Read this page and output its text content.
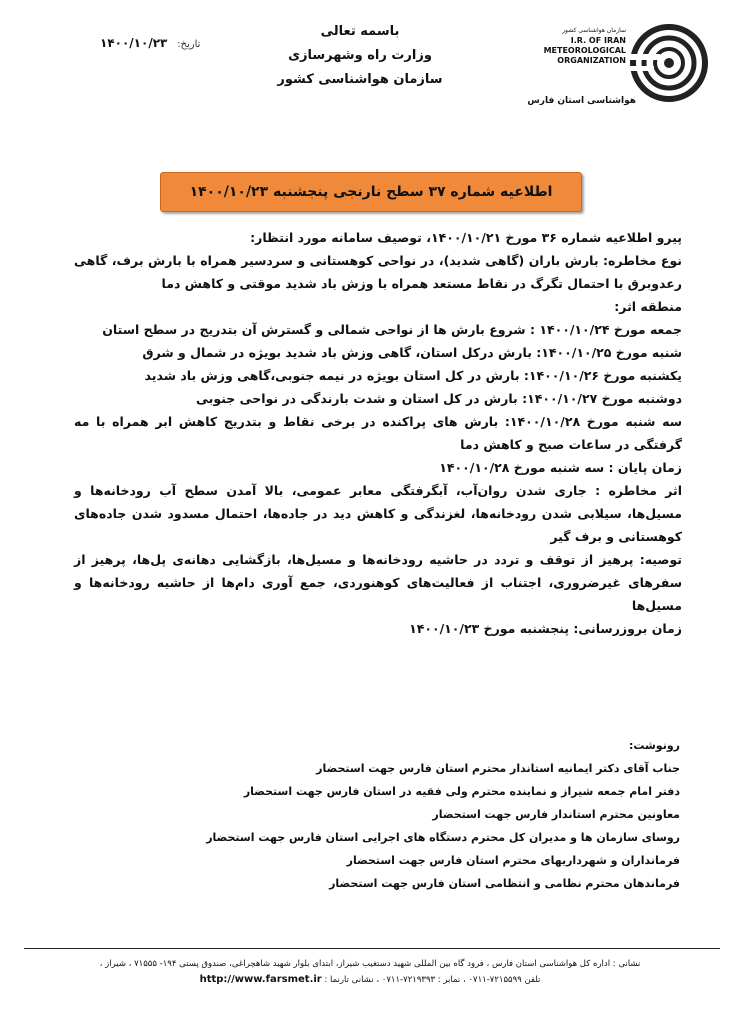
تاریخ: ۱۴۰۰/۱۰/۲۳
باسمه تعالی
وزارت راه وشهرسازی
سازمان هواشناسی کشور
سازمان هواشناسی کشور
I.R. OF IRAN
METEOROLOGICAL
ORGANIZATION
هواشناسی استان فارس
اطلاعیه شماره ۳۷ سطح نارنجی پنجشنبه ۱۴۰۰/۱۰/۲۳

پیرو اطلاعیه شماره ۳۶ مورخ ۱۴۰۰/۱۰/۲۱، توصیف سامانه مورد انتظار:

نوع مخاطره: بارش باران (گاهی شدید)، در نواحی کوهستانی و سردسیر همراه با بارش برف، گاهی رعدوبرق با احتمال تگرگ در نقاط مستعد همراه با وزش باد شدید موقتی و کاهش دما

منطقه اثر:

جمعه مورخ ۱۴۰۰/۱۰/۲۴ : شروع بارش ها از نواحی شمالی و گسترش آن بتدریج در سطح استان

شنبه مورخ ۱۴۰۰/۱۰/۲۵: بارش درکل استان، گاهی وزش باد شدید بویژه در شمال و شرق

یکشنبه مورخ ۱۴۰۰/۱۰/۲۶: بارش در کل استان بویژه در نیمه جنوبی،گاهی وزش باد شدید

دوشنبه مورخ ۱۴۰۰/۱۰/۲۷: بارش در کل استان و شدت بارندگی در نواحی جنوبی

سه شنبه مورخ ۱۴۰۰/۱۰/۲۸: بارش های پراکنده در برخی نقاط و بتدریج کاهش ابر همراه با مه گرفتگی در ساعات صبح و کاهش دما

زمان پایان : سه شنبه مورخ ۱۴۰۰/۱۰/۲۸

اثر مخاطره : جاری شدن روان‌آب، آبگرفتگی معابر عمومی، بالا آمدن سطح آب رودخانه‌ها و مسیل‌ها، سیلابی شدن رودخانه‌ها، لغزندگی و کاهش دید در جاده‌ها، احتمال مسدود شدن جاده‌های کوهستانی و برف گیر

توصیه: پرهیز از توقف و تردد در حاشیه رودخانه‌ها و مسیل‌ها، بازگشایی دهانه‌ی پل‌ها، پرهیز از سفرهای غیرضروری، اجتناب از فعالیت‌های کوهنوردی، جمع آوری دام‌ها از حاشیه رودخانه‌ها و مسیل‌ها

زمان بروزرسانی: پنجشنبه مورخ ۱۴۰۰/۱۰/۲۳

رونوشت:

جناب آقای دکتر ایمانیه استاندار محترم استان فارس جهت استحضار

دفتر امام جمعه شیراز و نماینده محترم ولی فقیه در استان فارس جهت استحضار

معاونین محترم استاندار فارس جهت استحضار

روسای سازمان ها و مدیران کل محترم دستگاه های اجرایی استان فارس جهت استحضار

فرمانداران و شهرداریهای محترم استان فارس جهت استحضار

فرماندهان محترم نظامی و انتظامی استان فارس جهت استحضار

نشانی : اداره کل هواشناسی استان فارس ، فرود گاه بین المللی شهید دستغیب شیراز، ابتدای بلوار شهید شاهچراغی، صندوق پستی ۱۹۴- ۷۱۵۵۵ ، شیراز ،
تلفن ۷۲۱۵۵۹۹-۰۷۱۱ ، نمابر : ۷۲۱۹۳۹۳-۰۷۱۱ ، نشانی تارنما : http://www.farsmet.ir
